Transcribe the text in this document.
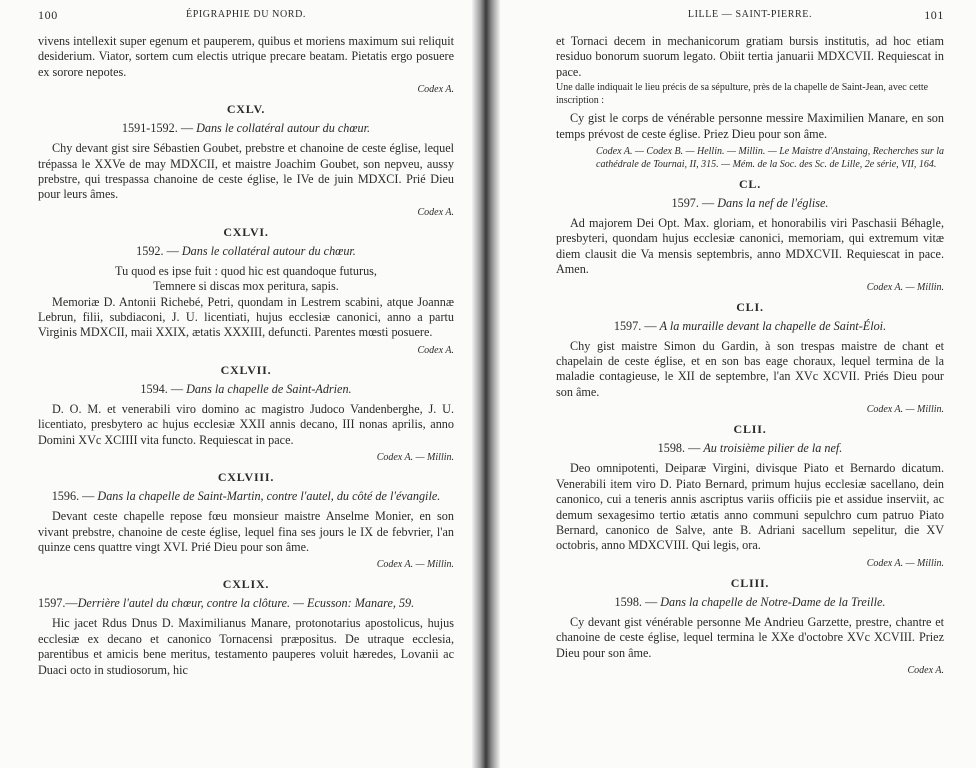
100	ÉPIGRAPHIE DU NORD.

vivens intellexit super egenum et pauperem, quibus et moriens maximum sui reliquit desiderium. Viator, sortem cum electis utrique precare beatam. Pietatis ergo posuere ex sorore nepotes.

Codex A.
CXLV.
1591-1592. — Dans le collatéral autour du chœur.

Chy devant gist sire Sébastien Goubet, prebstre et chanoine de ceste église, lequel trépassa le XXVe de may MDXCII, et maistre Joachim Goubet, son nepveu, aussy prebstre, qui trespassa chanoine de ceste église, le IVe de juin MDXCI. Prié Dieu pour leurs âmes.

Codex A.
CXLVI.
1592. — Dans le collatéral autour du chœur.
Tu quod es ipse fuit : quod hic est quandoque futurus,
Temnere si discas mox peritura, sapis.

Memoriæ D. Antonii Richebé, Petri, quondam in Lestrem scabini, atque Joannæ Lebrun, filii, subdiaconi, J. U. licentiati, hujus ecclesiæ canonici, anno a partu Virginis MDXCII, maii XXIX, ætatis XXXIII, defuncti. Parentes mœsti posuere.

Codex A.
CXLVII.
1594. — Dans la chapelle de Saint-Adrien.

D. O. M. et venerabili viro domino ac magistro Judoco Vandenberghe, J. U. licentiato, presbytero ac hujus ecclesiæ XXII annis decano, III nonas aprilis, anno Domini XVc XCIIII vita functo. Requiescat in pace.

Codex A. — Millin.
CXLVIII.
1596. — Dans la chapelle de Saint-Martin, contre l'autel, du côté de l'évangile.

Devant ceste chapelle repose fœu monsieur maistre Anselme Monier, en son vivant prebstre, chanoine de ceste église, lequel fina ses jours le IX de febvrier, l'an quinze cens quattre vingt XVI. Prié Dieu pour son âme.

Codex A. — Millin.
CXLIX.
1597.—Derrière l'autel du chœur, contre la clôture. — Ecusson: Manare, 59.

Hic jacet Rdus Dnus D. Maximilianus Manare, protonotarius apostolicus, hujus ecclesiæ ex decano et canonico Tornacensi præpositus. De utraque ecclesia, parentibus et amicis bene meritus, testamento pauperes voluit hæredes, Lovanii ac Duaci octo in studiosorum, hic

LILLE — SAINT-PIERRE.	101

et Tornaci decem in mechanicorum gratiam bursis institutis, ad hoc etiam residuo bonorum suorum legato. Obiit tertia januarii MDXCVII. Requiescat in pace.

Une dalle indiquait le lieu précis de sa sépulture, près de la chapelle de Saint-Jean, avec cette inscription :

Cy gist le corps de vénérable personne messire Maximilien Manare, en son temps prévost de ceste église. Priez Dieu pour son âme.

Codex A. — Codex B. — Hellin. — Millin. — Le Maistre d'Anstaing, Recherches sur la cathédrale de Tournai, II, 315. — Mém. de la Soc. des Sc. de Lille, 2e série, VII, 164.
CL.
1597. — Dans la nef de l'église.

Ad majorem Dei Opt. Max. gloriam, et honorabilis viri Paschasii Béhagle, presbyteri, quondam hujus ecclesiæ canonici, memoriam, qui extremum vitæ diem clausit die Va mensis septembris, anno MDXCVII. Requiescat in pace. Amen.

Codex A. — Millin.
CLI.
1597. — A la muraille devant la chapelle de Saint-Éloi.

Chy gist maistre Simon du Gardin, à son trespas maistre de chant et chapelain de ceste église, et en son bas eage choraux, lequel termina de la maladie contagieuse, le XII de septembre, l'an XVc XCVII. Priés Dieu pour son âme.

Codex A. — Millin.
CLII.
1598. — Au troisième pilier de la nef.

Deo omnipotenti, Deiparæ Virgini, divisque Piato et Bernardo dicatum. Venerabili item viro D. Piato Bernard, primum hujus ecclesiæ sacellano, dein canonico, cui a teneris annis ascriptus variis officiis pie et assidue inserviit, ac demum sexagesimo tertio ætatis anno communi sepulchro cum patruo Piato Bernard, canonico de Salve, ante B. Adriani sacellum sepelitur, die XV octobris, anno MDXCVIII. Qui legis, ora.

Codex A. — Millin.
CLIII.
1598. — Dans la chapelle de Notre-Dame de la Treille.

Cy devant gist vénérable personne Me Andrieu Garzette, prestre, chantre et chanoine de ceste église, lequel termina le XXe d'octobre XVc XCVIII. Priez Dieu pour son âme.

Codex A.
